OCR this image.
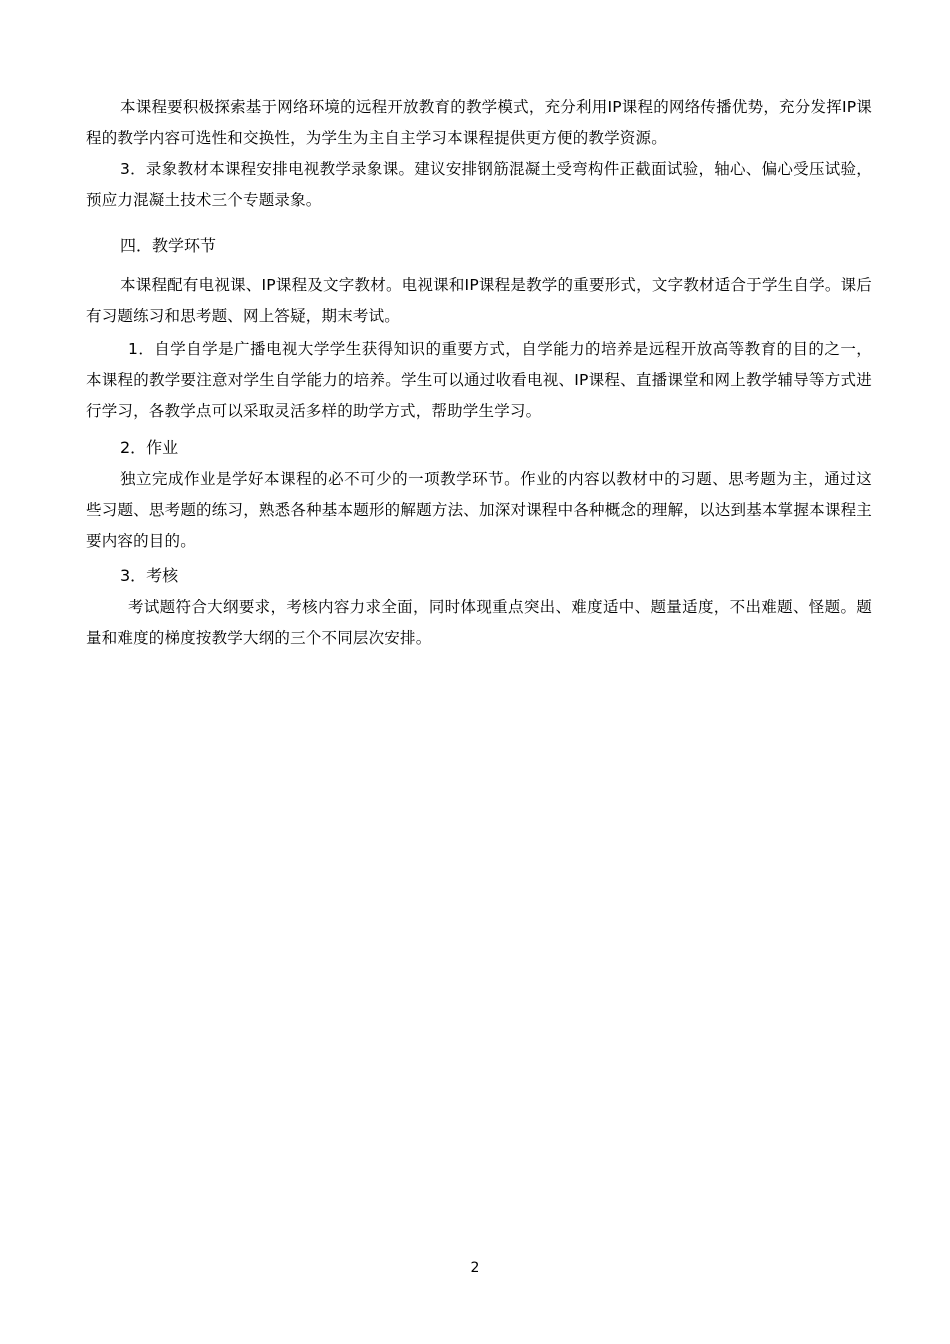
本课程要积极探索基于网络环境的远程开放教育的教学模式，充分利用IP课程的网络传播优势，充分发挥IP课程的教学内容可选性和交换性，为学生为主自主学习本课程提供更方便的教学资源。

3．录象教材本课程安排电视教学录象课。建议安排钢筋混凝土受弯构件正截面试验，轴心、偏心受压试验，预应力混凝土技术三个专题录象。

四．教学环节

本课程配有电视课、IP课程及文字教材。电视课和IP课程是教学的重要形式，文字教材适合于学生自学。课后有习题练习和思考题、网上答疑，期末考试。

1．自学自学是广播电视大学学生获得知识的重要方式，自学能力的培养是远程开放高等教育的目的之一，本课程的教学要注意对学生自学能力的培养。学生可以通过收看电视、IP课程、直播课堂和网上教学辅导等方式进行学习，各教学点可以采取灵活多样的助学方式，帮助学生学习。

2．作业

独立完成作业是学好本课程的必不可少的一项教学环节。作业的内容以教材中的习题、思考题为主，通过这些习题、思考题的练习，熟悉各种基本题形的解题方法、加深对课程中各种概念的理解，以达到基本掌握本课程主要内容的目的。

3．考核

考试题符合大纲要求，考核内容力求全面，同时体现重点突出、难度适中、题量适度，不出难题、怪题。题量和难度的梯度按教学大纲的三个不同层次安排。

2
